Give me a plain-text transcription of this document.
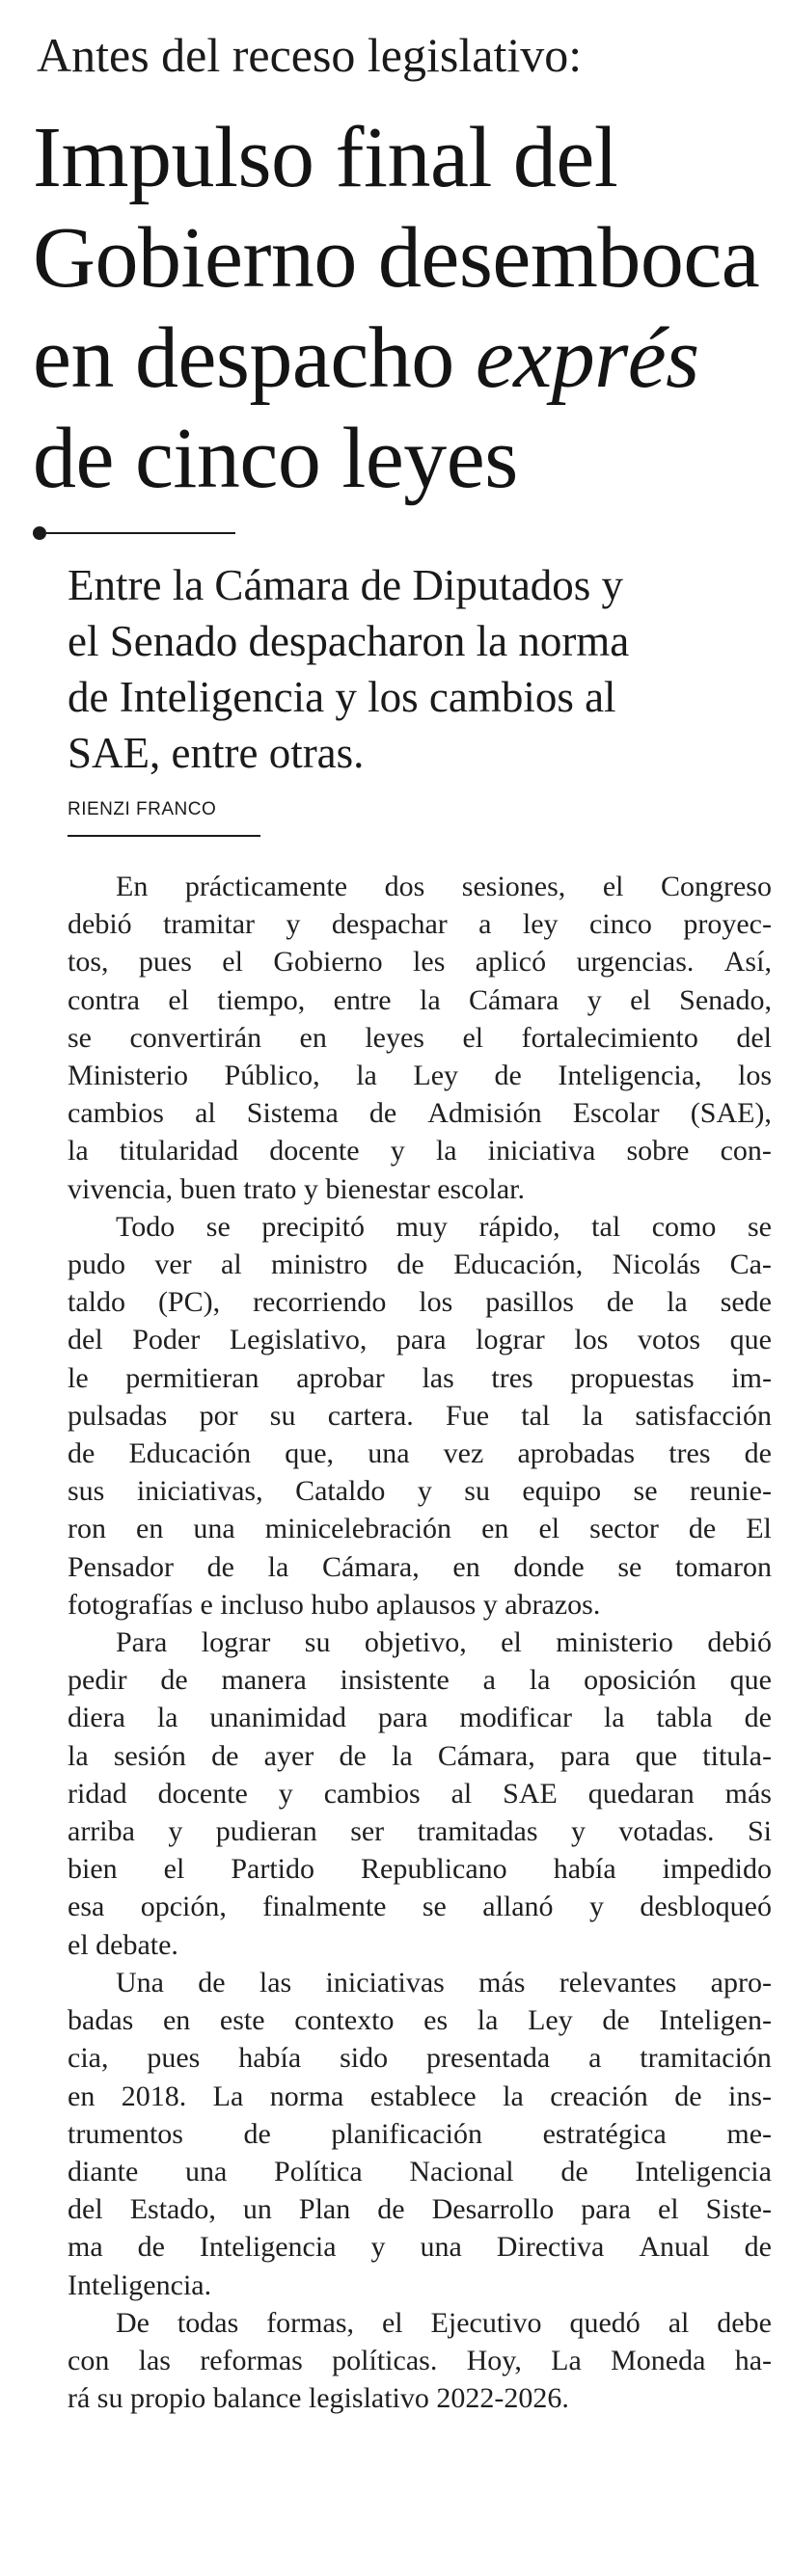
Antes del receso legislativo:
Impulso final del
Gobierno desemboca
en despacho exprés
de cinco leyes
Entre la Cámara de Diputados y
el Senado despacharon la norma
de Inteligencia y los cambios al
SAE, entre otras.
RIENZI FRANCO
En prácticamente dos sesiones, el Congreso
debió tramitar y despachar a ley cinco proyec-
tos, pues el Gobierno les aplicó urgencias. Así,
contra el tiempo, entre la Cámara y el Senado,
se convertirán en leyes el fortalecimiento del
Ministerio Público, la Ley de Inteligencia, los
cambios al Sistema de Admisión Escolar (SAE),
la titularidad docente y la iniciativa sobre con-
vivencia, buen trato y bienestar escolar.
Todo se precipitó muy rápido, tal como se
pudo ver al ministro de Educación, Nicolás Ca-
taldo (PC), recorriendo los pasillos de la sede
del Poder Legislativo, para lograr los votos que
le permitieran aprobar las tres propuestas im-
pulsadas por su cartera. Fue tal la satisfacción
de Educación que, una vez aprobadas tres de
sus iniciativas, Cataldo y su equipo se reunie-
ron en una minicelebración en el sector de El
Pensador de la Cámara, en donde se tomaron
fotografías e incluso hubo aplausos y abrazos.
Para lograr su objetivo, el ministerio debió
pedir de manera insistente a la oposición que
diera la unanimidad para modificar la tabla de
la sesión de ayer de la Cámara, para que titula-
ridad docente y cambios al SAE quedaran más
arriba y pudieran ser tramitadas y votadas. Si
bien el Partido Republicano había impedido
esa opción, finalmente se allanó y desbloqueó
el debate.
Una de las iniciativas más relevantes apro-
badas en este contexto es la Ley de Inteligen-
cia, pues había sido presentada a tramitación
en 2018. La norma establece la creación de ins-
trumentos de planificación estratégica me-
diante una Política Nacional de Inteligencia
del Estado, un Plan de Desarrollo para el Siste-
ma de Inteligencia y una Directiva Anual de
Inteligencia.
De todas formas, el Ejecutivo quedó al debe
con las reformas políticas. Hoy, La Moneda ha-
rá su propio balance legislativo 2022-2026.
